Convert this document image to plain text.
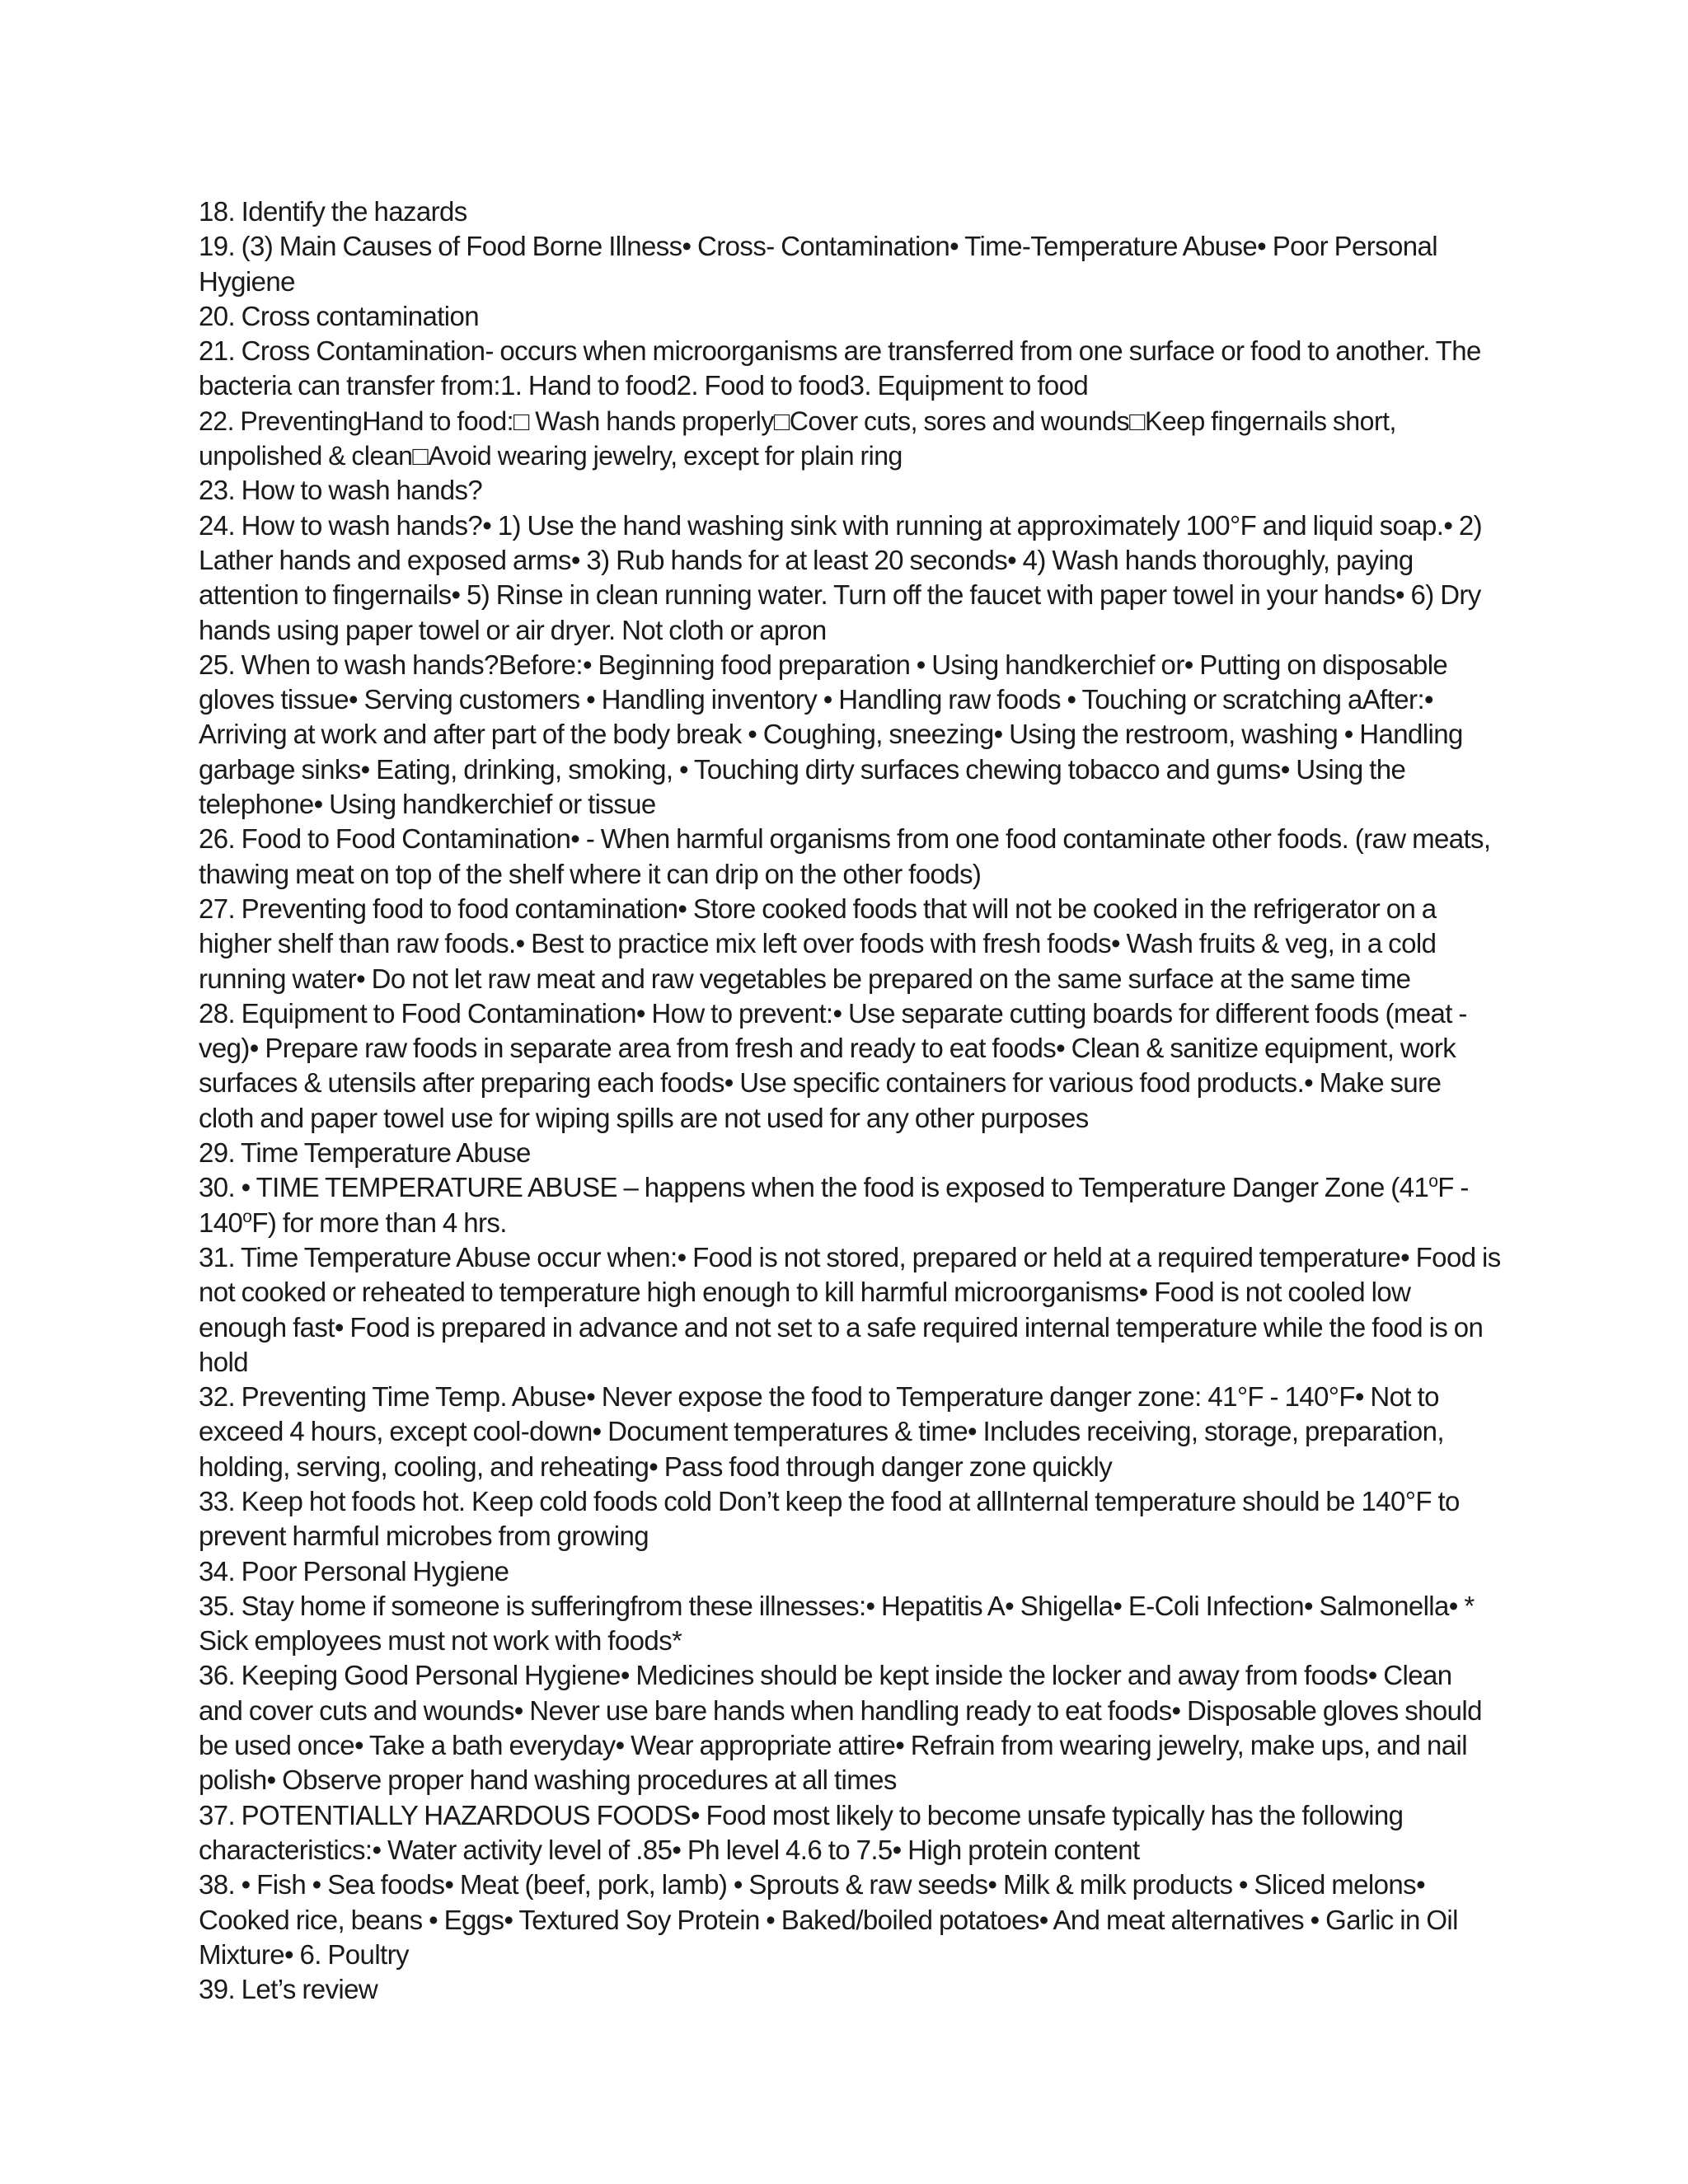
18. Identify the hazards

19. (3) Main Causes of Food Borne Illness• Cross- Contamination• Time-Temperature Abuse• Poor Personal Hygiene

20. Cross contamination

21. Cross Contamination- occurs when microorganisms are transferred from one surface or food to another. The bacteria can transfer from:1. Hand to food2. Food to food3. Equipment to food

22. PreventingHand to food:□ Wash hands properly□Cover cuts, sores and wounds□Keep fingernails short, unpolished & clean□Avoid wearing jewelry, except for plain ring

23. How to wash hands?

24. How to wash hands?• 1) Use the hand washing sink with running at approximately 100°F and liquid soap.• 2) Lather hands and exposed arms• 3) Rub hands for at least 20 seconds• 4) Wash hands thoroughly, paying attention to fingernails• 5) Rinse in clean running water. Turn off the faucet with paper towel in your hands• 6) Dry hands using paper towel or air dryer. Not cloth or apron

25. When to wash hands?Before:• Beginning food preparation • Using handkerchief or• Putting on disposable gloves tissue• Serving customers • Handling inventory • Handling raw foods • Touching or scratching aAfter:• Arriving at work and after part of the body break • Coughing, sneezing• Using the restroom, washing • Handling garbage sinks• Eating, drinking, smoking, • Touching dirty surfaces chewing tobacco and gums• Using the telephone• Using handkerchief or tissue

26. Food to Food Contamination• - When harmful organisms from one food contaminate other foods. (raw meats, thawing meat on top of the shelf where it can drip on the other foods)

27. Preventing food to food contamination• Store cooked foods that will not be cooked in the refrigerator on a higher shelf than raw foods.• Best to practice mix left over foods with fresh foods• Wash fruits & veg, in a cold running water• Do not let raw meat and raw vegetables be prepared on the same surface at the same time

28. Equipment to Food Contamination• How to prevent:• Use separate cutting boards for different foods (meat - veg)• Prepare raw foods in separate area from fresh and ready to eat foods• Clean & sanitize equipment, work surfaces & utensils after preparing each foods• Use specific containers for various food products.• Make sure cloth and paper towel use for wiping spills are not used for any other purposes

29. Time Temperature Abuse

30. • TIME TEMPERATURE ABUSE – happens when the food is exposed to Temperature Danger Zone (41$^o$F - 140$^o$F) for more than 4 hrs.

31. Time Temperature Abuse occur when:• Food is not stored, prepared or held at a required temperature• Food is not cooked or reheated to temperature high enough to kill harmful microorganisms• Food is not cooled low enough fast• Food is prepared in advance and not set to a safe required internal temperature while the food is on hold

32. Preventing Time Temp. Abuse• Never expose the food to Temperature danger zone: 41°F - 140°F• Not to exceed 4 hours, except cool-down• Document temperatures & time• Includes receiving, storage, preparation, holding, serving, cooling, and reheating• Pass food through danger zone quickly

33. Keep hot foods hot. Keep cold foods cold Don’t keep the food at allInternal temperature should be 140°F to prevent harmful microbes from growing

34. Poor Personal Hygiene

35. Stay home if someone is sufferingfrom these illnesses:• Hepatitis A• Shigella• E-Coli Infection• Salmonella• * Sick employees must not work with foods*

36. Keeping Good Personal Hygiene• Medicines should be kept inside the locker and away from foods• Clean and cover cuts and wounds• Never use bare hands when handling ready to eat foods• Disposable gloves should be used once• Take a bath everyday• Wear appropriate attire• Refrain from wearing jewelry, make ups, and nail polish• Observe proper hand washing procedures at all times

37. POTENTIALLY HAZARDOUS FOODS• Food most likely to become unsafe typically has the following characteristics:• Water activity level of .85• Ph level 4.6 to 7.5• High protein content

38. • Fish • Sea foods• Meat (beef, pork, lamb) • Sprouts & raw seeds• Milk & milk products • Sliced melons• Cooked rice, beans • Eggs• Textured Soy Protein • Baked/boiled potatoes• And meat alternatives • Garlic in Oil Mixture• 6. Poultry

39. Let’s review
